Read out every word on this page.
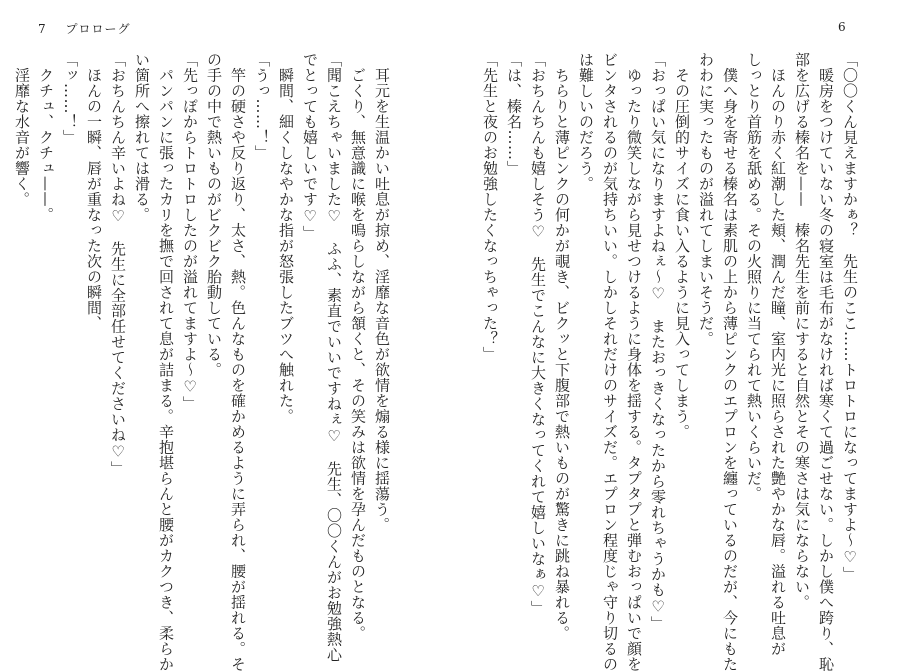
7 プロローグ	6
「〇〇くん見えますかぁ？　先生のここ……トロトロになってますよ〜♡」
　暖房をつけていない冬の寝室は毛布がなければ寒くて過ごせない。しかし僕へ跨り、恥
部を広げる榛名を——　榛名先生を前にすると自然とその寒さは気にならない。
　ほんのり赤く紅潮した頬、潤んだ瞳、室内光に照らされた艶やかな唇。溢れる吐息が
しっとり首筋を舐める。その火照りに当てられて熱いくらいだ。
　僕へ身を寄せる榛名は素肌の上から薄ピンクのエプロンを纏っているのだが、今にもた
わわに実ったものが溢れてしまいそうだ。
　その圧倒的サイズに食い入るように見入ってしまう。
「おっぱい気になりますよねぇ〜♡　またおっきくなったから零れちゃうかも♡」
　ゆったり微笑しながら見せつけるように身体を揺する。タプタプと弾むおっぱいで顔を
ビンタされるのが気持ちいい。しかしそれだけのサイズだ。エプロン程度じゃ守り切るの
は難しいのだろう。
　ちらりと薄ピンクの何かが覗き、ビクッと下腹部で熱いものが驚きに跳ね暴れる。
「おちんちんも嬉しそう♡　先生でこんなに大きくなってくれて嬉しいなぁ♡」
「は、榛名……」
「先生と夜のお勉強したくなっちゃった？」
　耳元を生温かい吐息が掠め、淫靡な音色が欲情を煽る様に揺蕩う。
　ごくり、無意識に喉を鳴らしながら頷くと、その笑みは欲情を孕んだものとなる。
「聞こえちゃいました♡　ふふ、素直でいいですねぇ♡　先生、〇〇くんがお勉強熱心
でとっても嬉しいです♡」
　瞬間、細くしなやかな指が怒張したブツへ触れた。
「うっ……！」
　竿の硬さや反り返り、太さ、熱。色んなものを確かめるように弄られ、腰が揺れる。そ
の手の中で熱いものがビクビク胎動している。
「先っぽからトロトロしたのが溢れてますよ〜♡」
　パンパンに張ったカリを撫で回されて息が詰まる。辛抱堪らんと腰がカクつき、柔らか
い箇所へ擦れては滑る。
「おちんちん辛いよね♡　先生に全部任せてくださいね♡」
　ほんの一瞬、唇が重なった次の瞬間、
「ッ……！」
　クチュ、クチュ——。
　淫靡な水音が響く。
